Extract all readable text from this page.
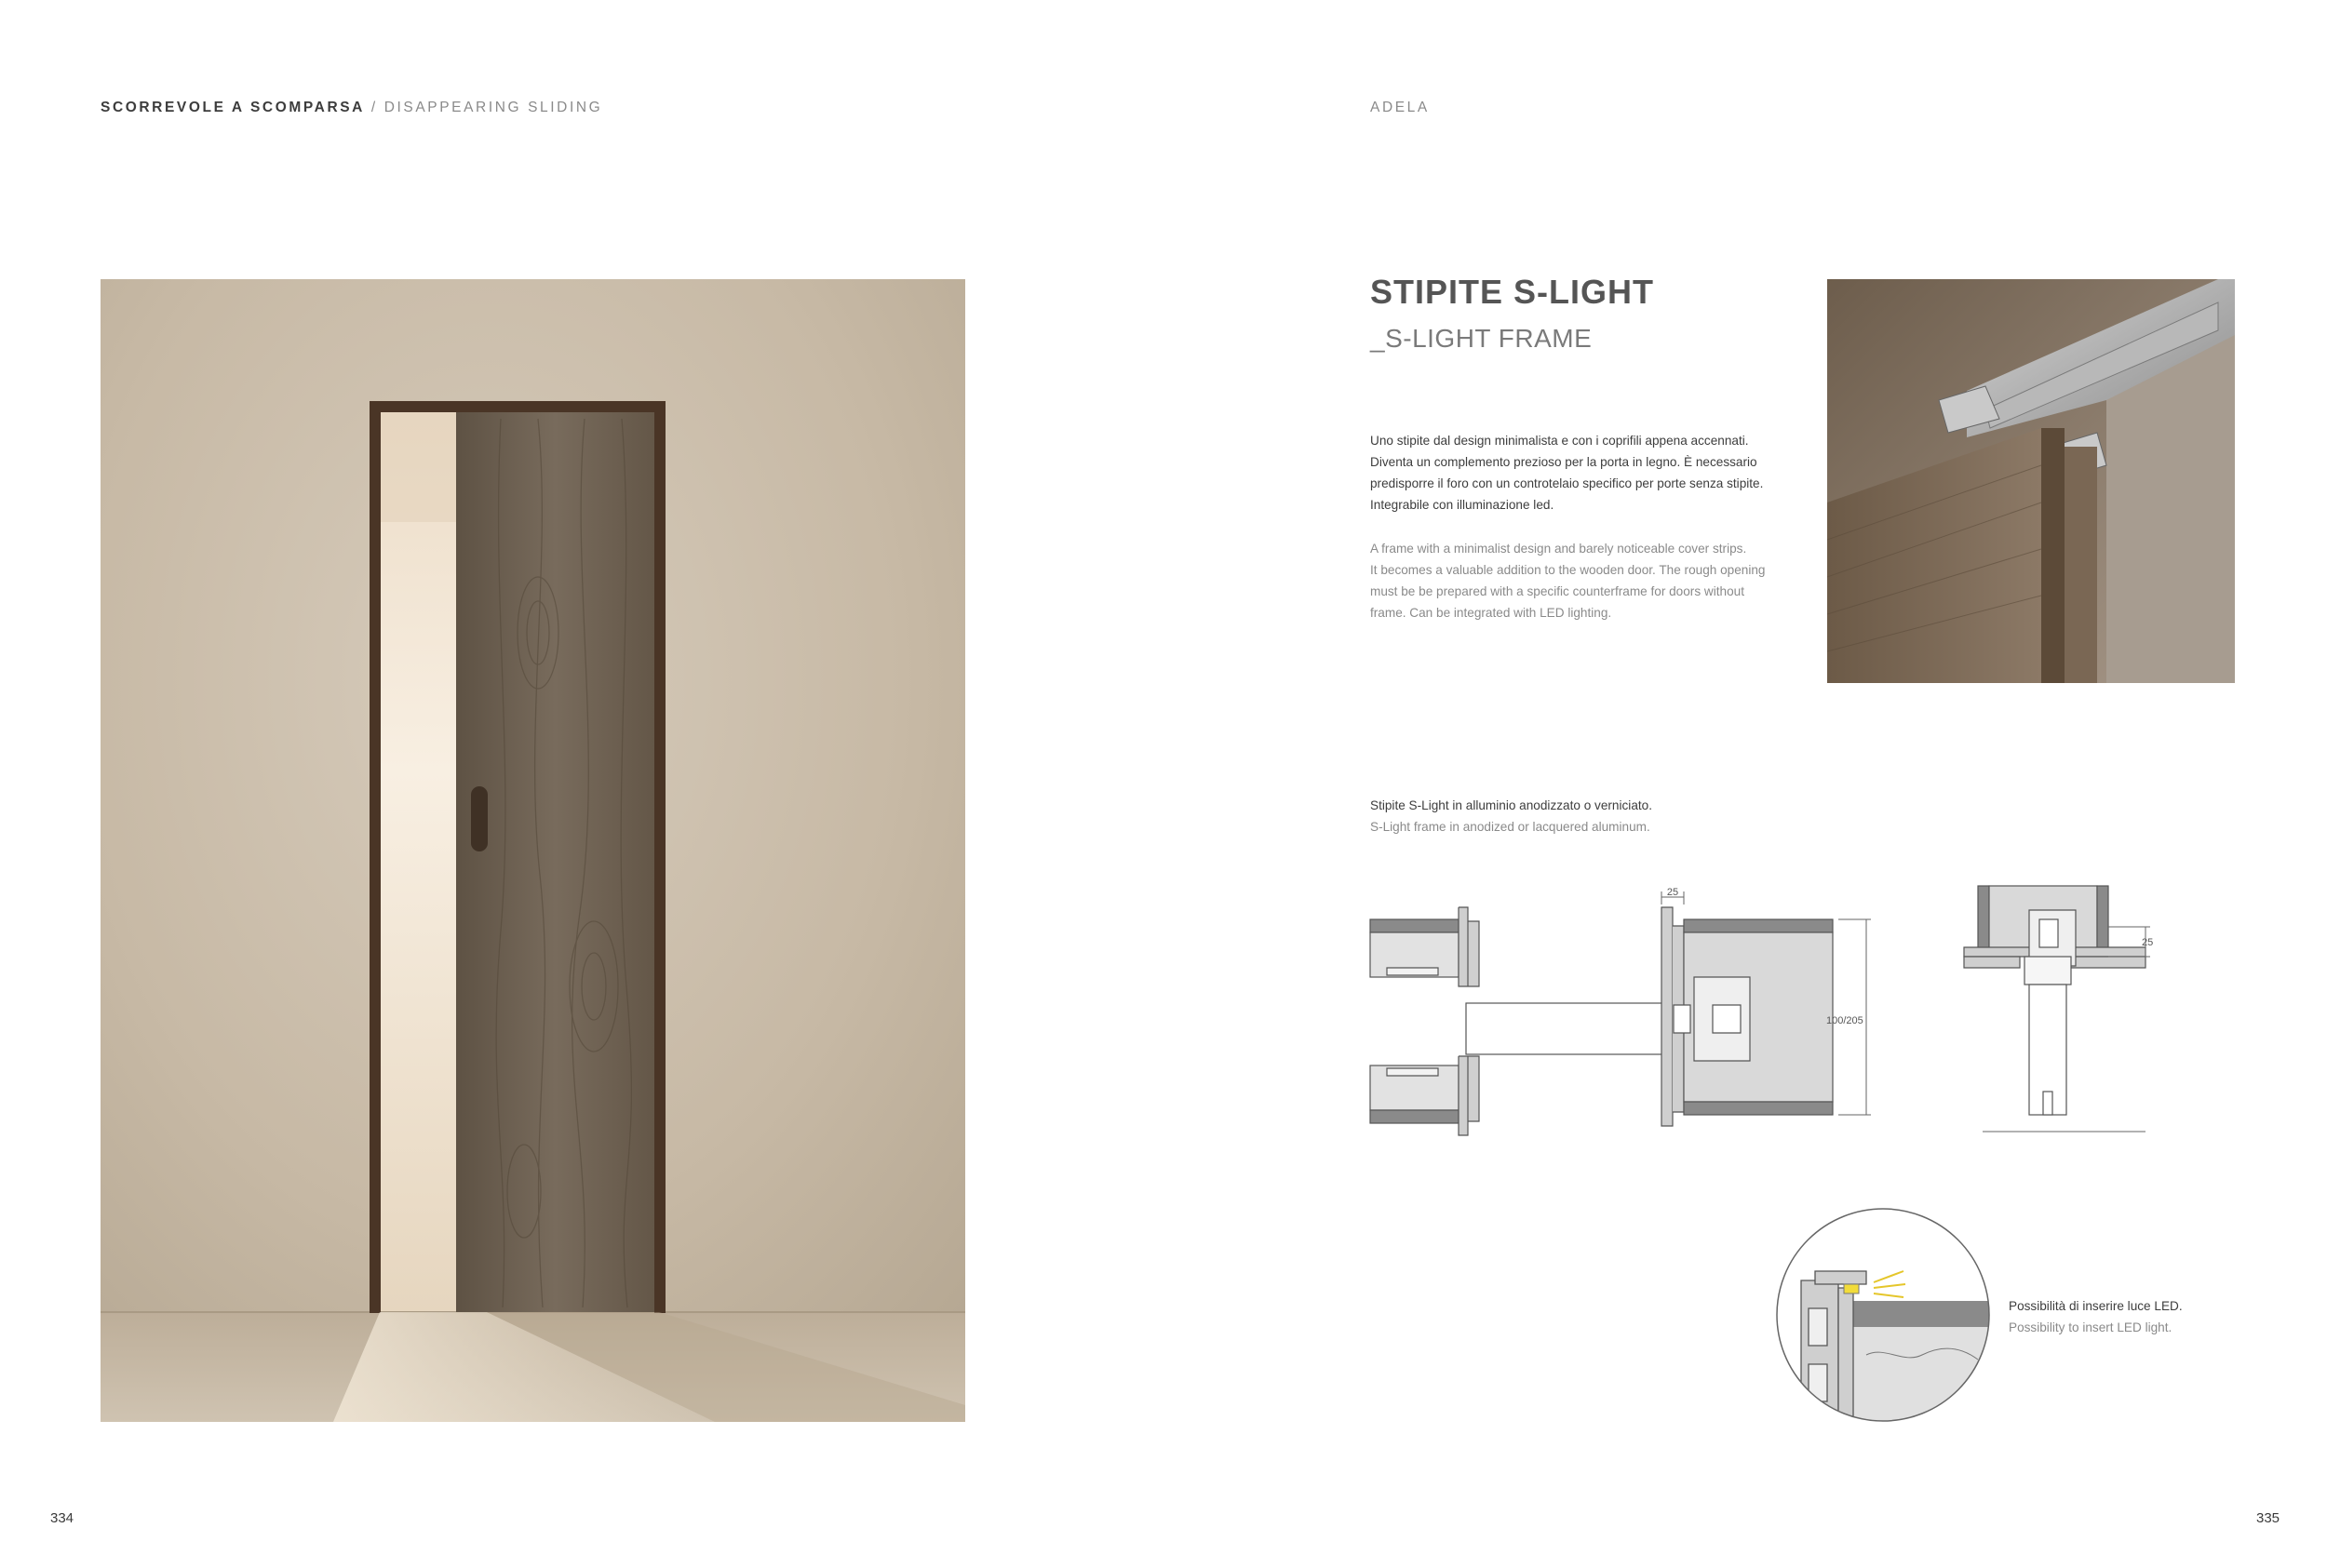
SCORREVOLE A SCOMPARSA / DISAPPEARING SLIDING	ADELA
STIPITE S-LIGHT
_S-LIGHT FRAME
Uno stipite dal design minimalista e con i coprifili appena accennati.
Diventa un complemento prezioso per la porta in legno. È necessario
predisporre il foro con un controtelaio specifico per porte senza stipite.
Integrabile con illuminazione led.
A frame with a minimalist design and barely noticeable cover strips.
It becomes a valuable addition to the wooden door. The rough opening
must be be prepared with a specific counterframe for doors without
frame. Can be integrated with LED lighting.
Stipite S-Light in alluminio anodizzato o verniciato.
S-Light frame in anodized or lacquered aluminum.
25
100/205
25
Possibilità di inserire luce LED.
Possibility to insert LED light.
334	335
